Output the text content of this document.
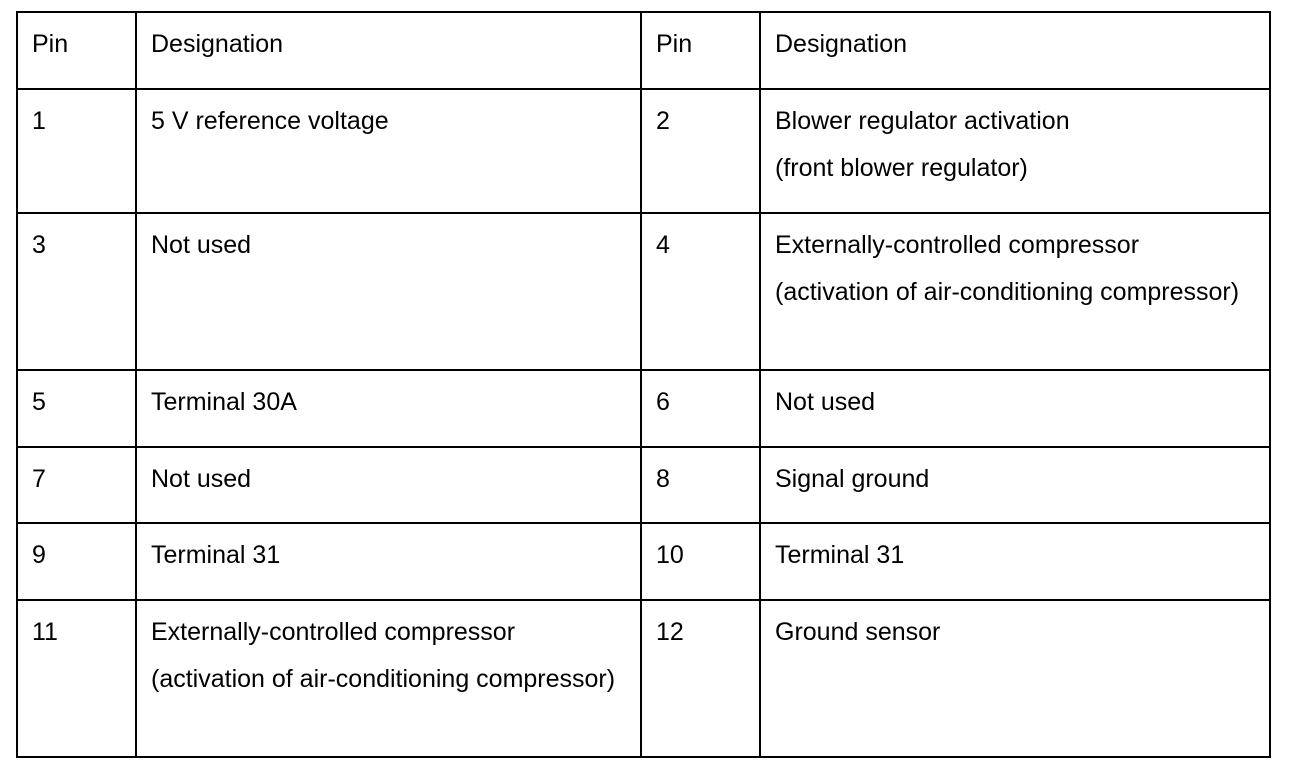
Pin	Designation	Pin	Designation
1	5 V reference voltage	2	Blower regulator activation
(front blower regulator)

3	Not used	4	Externally-controlled compressor
(activation of air-conditioning compressor)

5	Terminal 30A	6	Not used

7	Not used	8	Signal ground

9	Terminal 31	10	Terminal 31

11	Externally-controlled compressor
(activation of air-conditioning compressor)	12	Ground sensor
